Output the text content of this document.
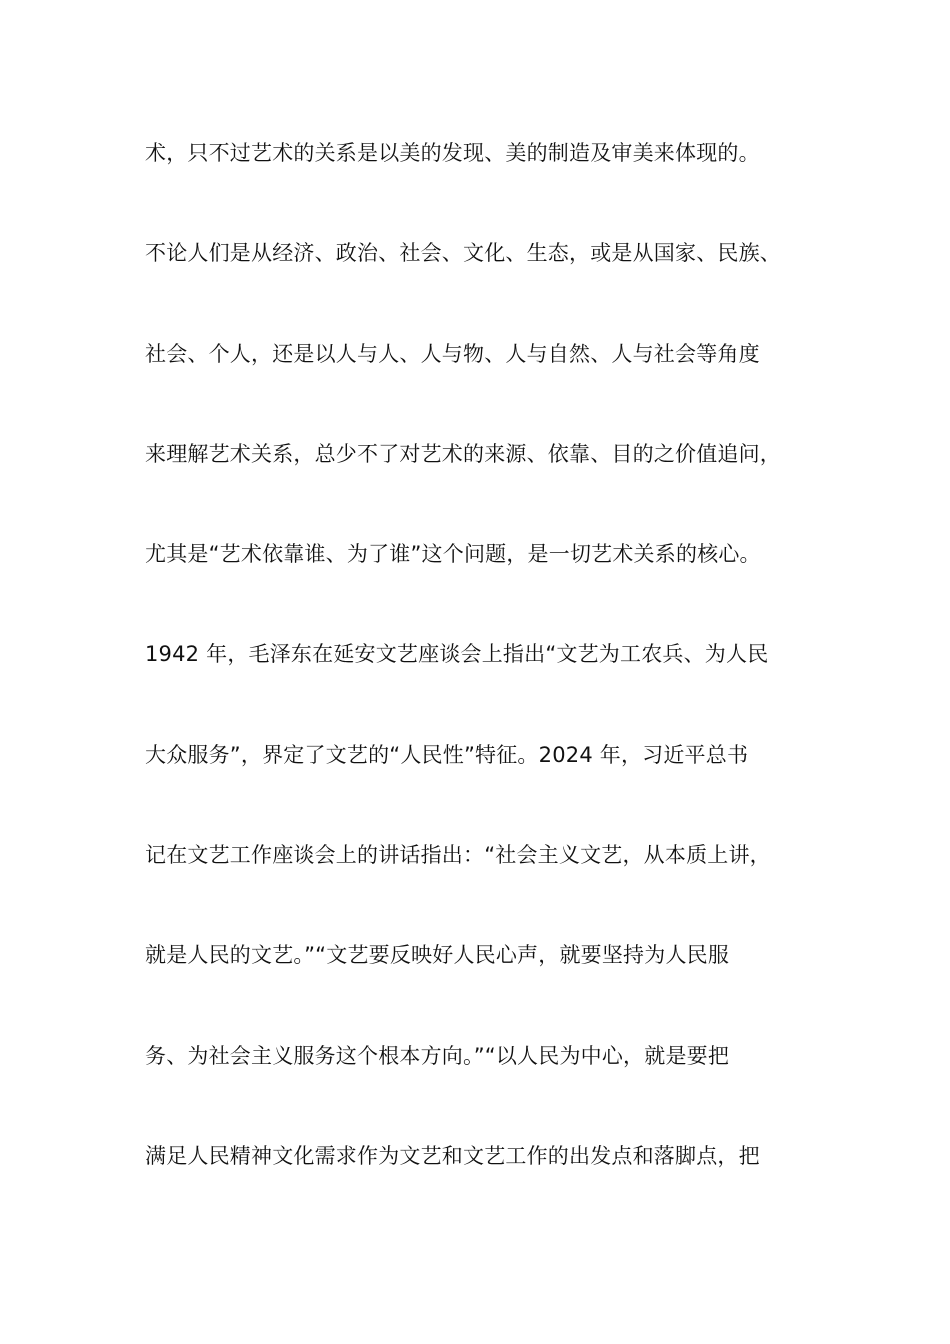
术，只不过艺术的关系是以美的发现、美的制造及审美来体现的。
不论人们是从经济、政治、社会、文化、生态，或是从国家、民族、
社会、个人，还是以人与人、人与物、人与自然、人与社会等角度
来理解艺术关系，总少不了对艺术的来源、依靠、目的之价值追问，
尤其是“艺术依靠谁、为了谁”这个问题，是一切艺术关系的核心。
1942 年，毛泽东在延安文艺座谈会上指出“文艺为工农兵、为人民
大众服务”，界定了文艺的“人民性”特征。2024 年，习近平总书
记在文艺工作座谈会上的讲话指出：“社会主义文艺，从本质上讲，
就是人民的文艺。”“文艺要反映好人民心声，就要坚持为人民服
务、为社会主义服务这个根本方向。”“以人民为中心，就是要把
满足人民精神文化需求作为文艺和文艺工作的出发点和落脚点，把
